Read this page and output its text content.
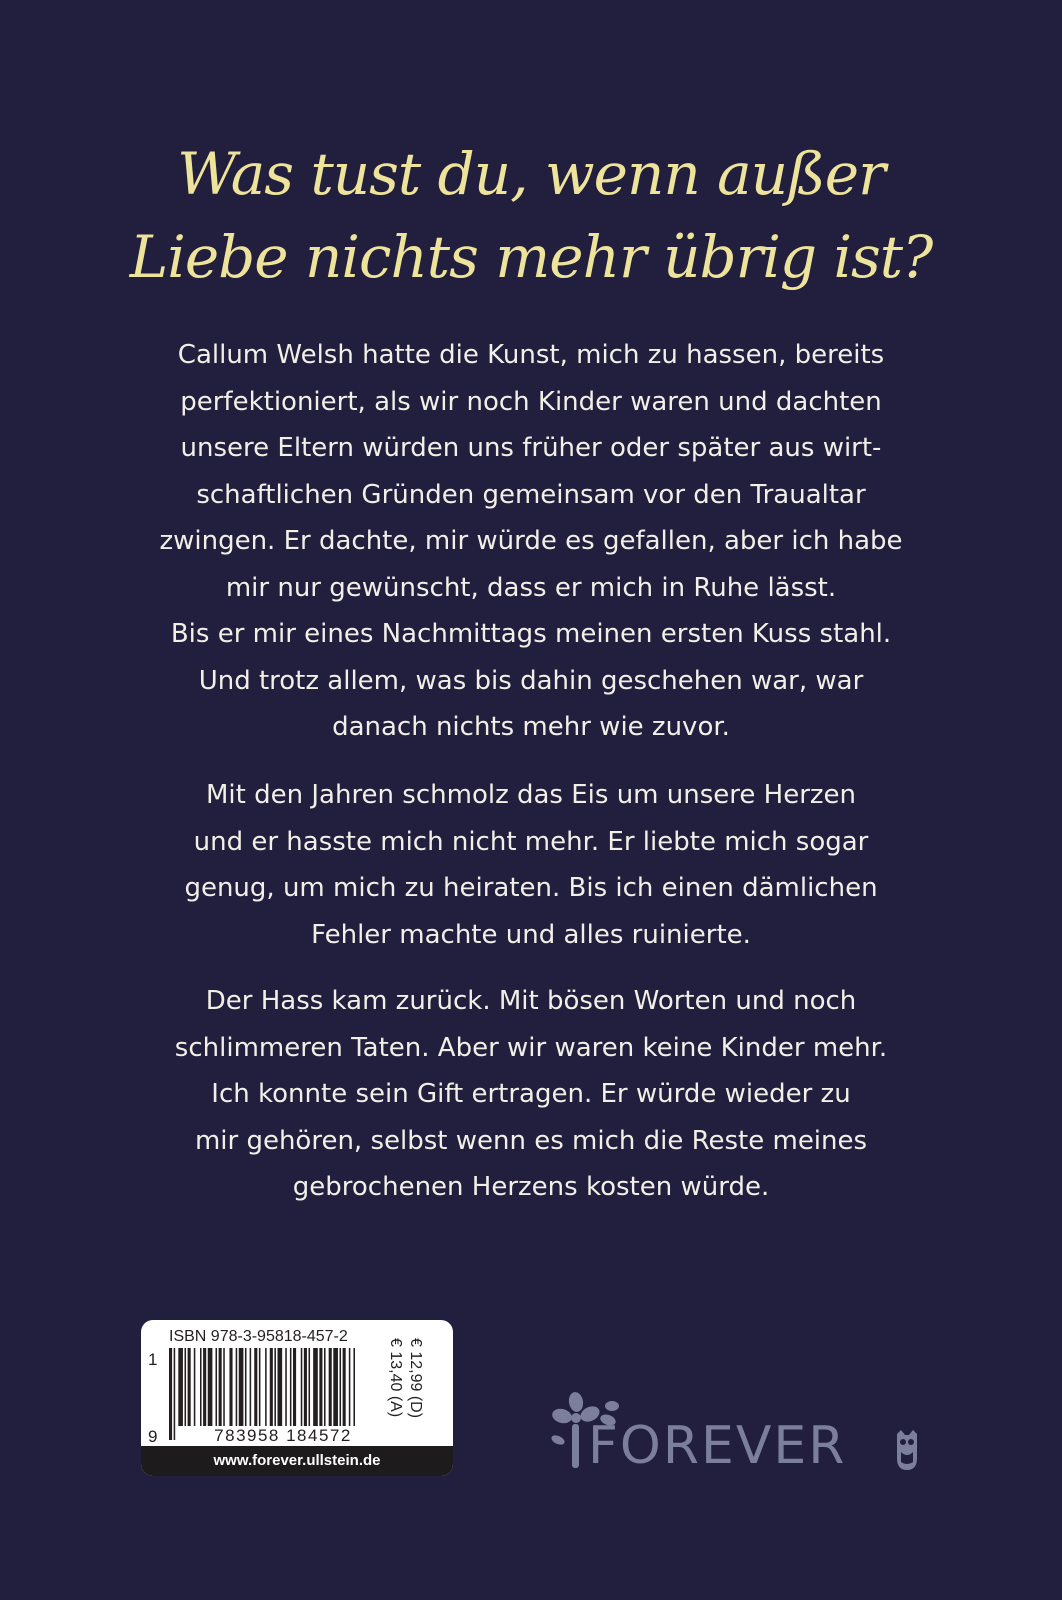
Was tust du, wenn außer
Liebe nichts mehr übrig ist?

Callum Welsh hatte die Kunst, mich zu hassen, bereits
perfektioniert, als wir noch Kinder waren und dachten
unsere Eltern würden uns früher oder später aus wirt-
schaftlichen Gründen gemeinsam vor den Traualtar
zwingen. Er dachte, mir würde es gefallen, aber ich habe
mir nur gewünscht, dass er mich in Ruhe lässt.
Bis er mir eines Nachmittags meinen ersten Kuss stahl.
Und trotz allem, was bis dahin geschehen war, war
danach nichts mehr wie zuvor.

Mit den Jahren schmolz das Eis um unsere Herzen
und er hasste mich nicht mehr. Er liebte mich sogar
genug, um mich zu heiraten. Bis ich einen dämlichen
Fehler machte und alles ruinierte.

Der Hass kam zurück. Mit bösen Worten und noch
schlimmeren Taten. Aber wir waren keine Kinder mehr.
Ich konnte sein Gift ertragen. Er würde wieder zu
mir gehören, selbst wenn es mich die Reste meines
gebrochenen Herzens kosten würde.

ISBN 978-3-95818-457-2
1
9	783958 184572
€ 12,99 (D)
€ 13,40 (A)
www.forever.ullstein.de	FOREVER
